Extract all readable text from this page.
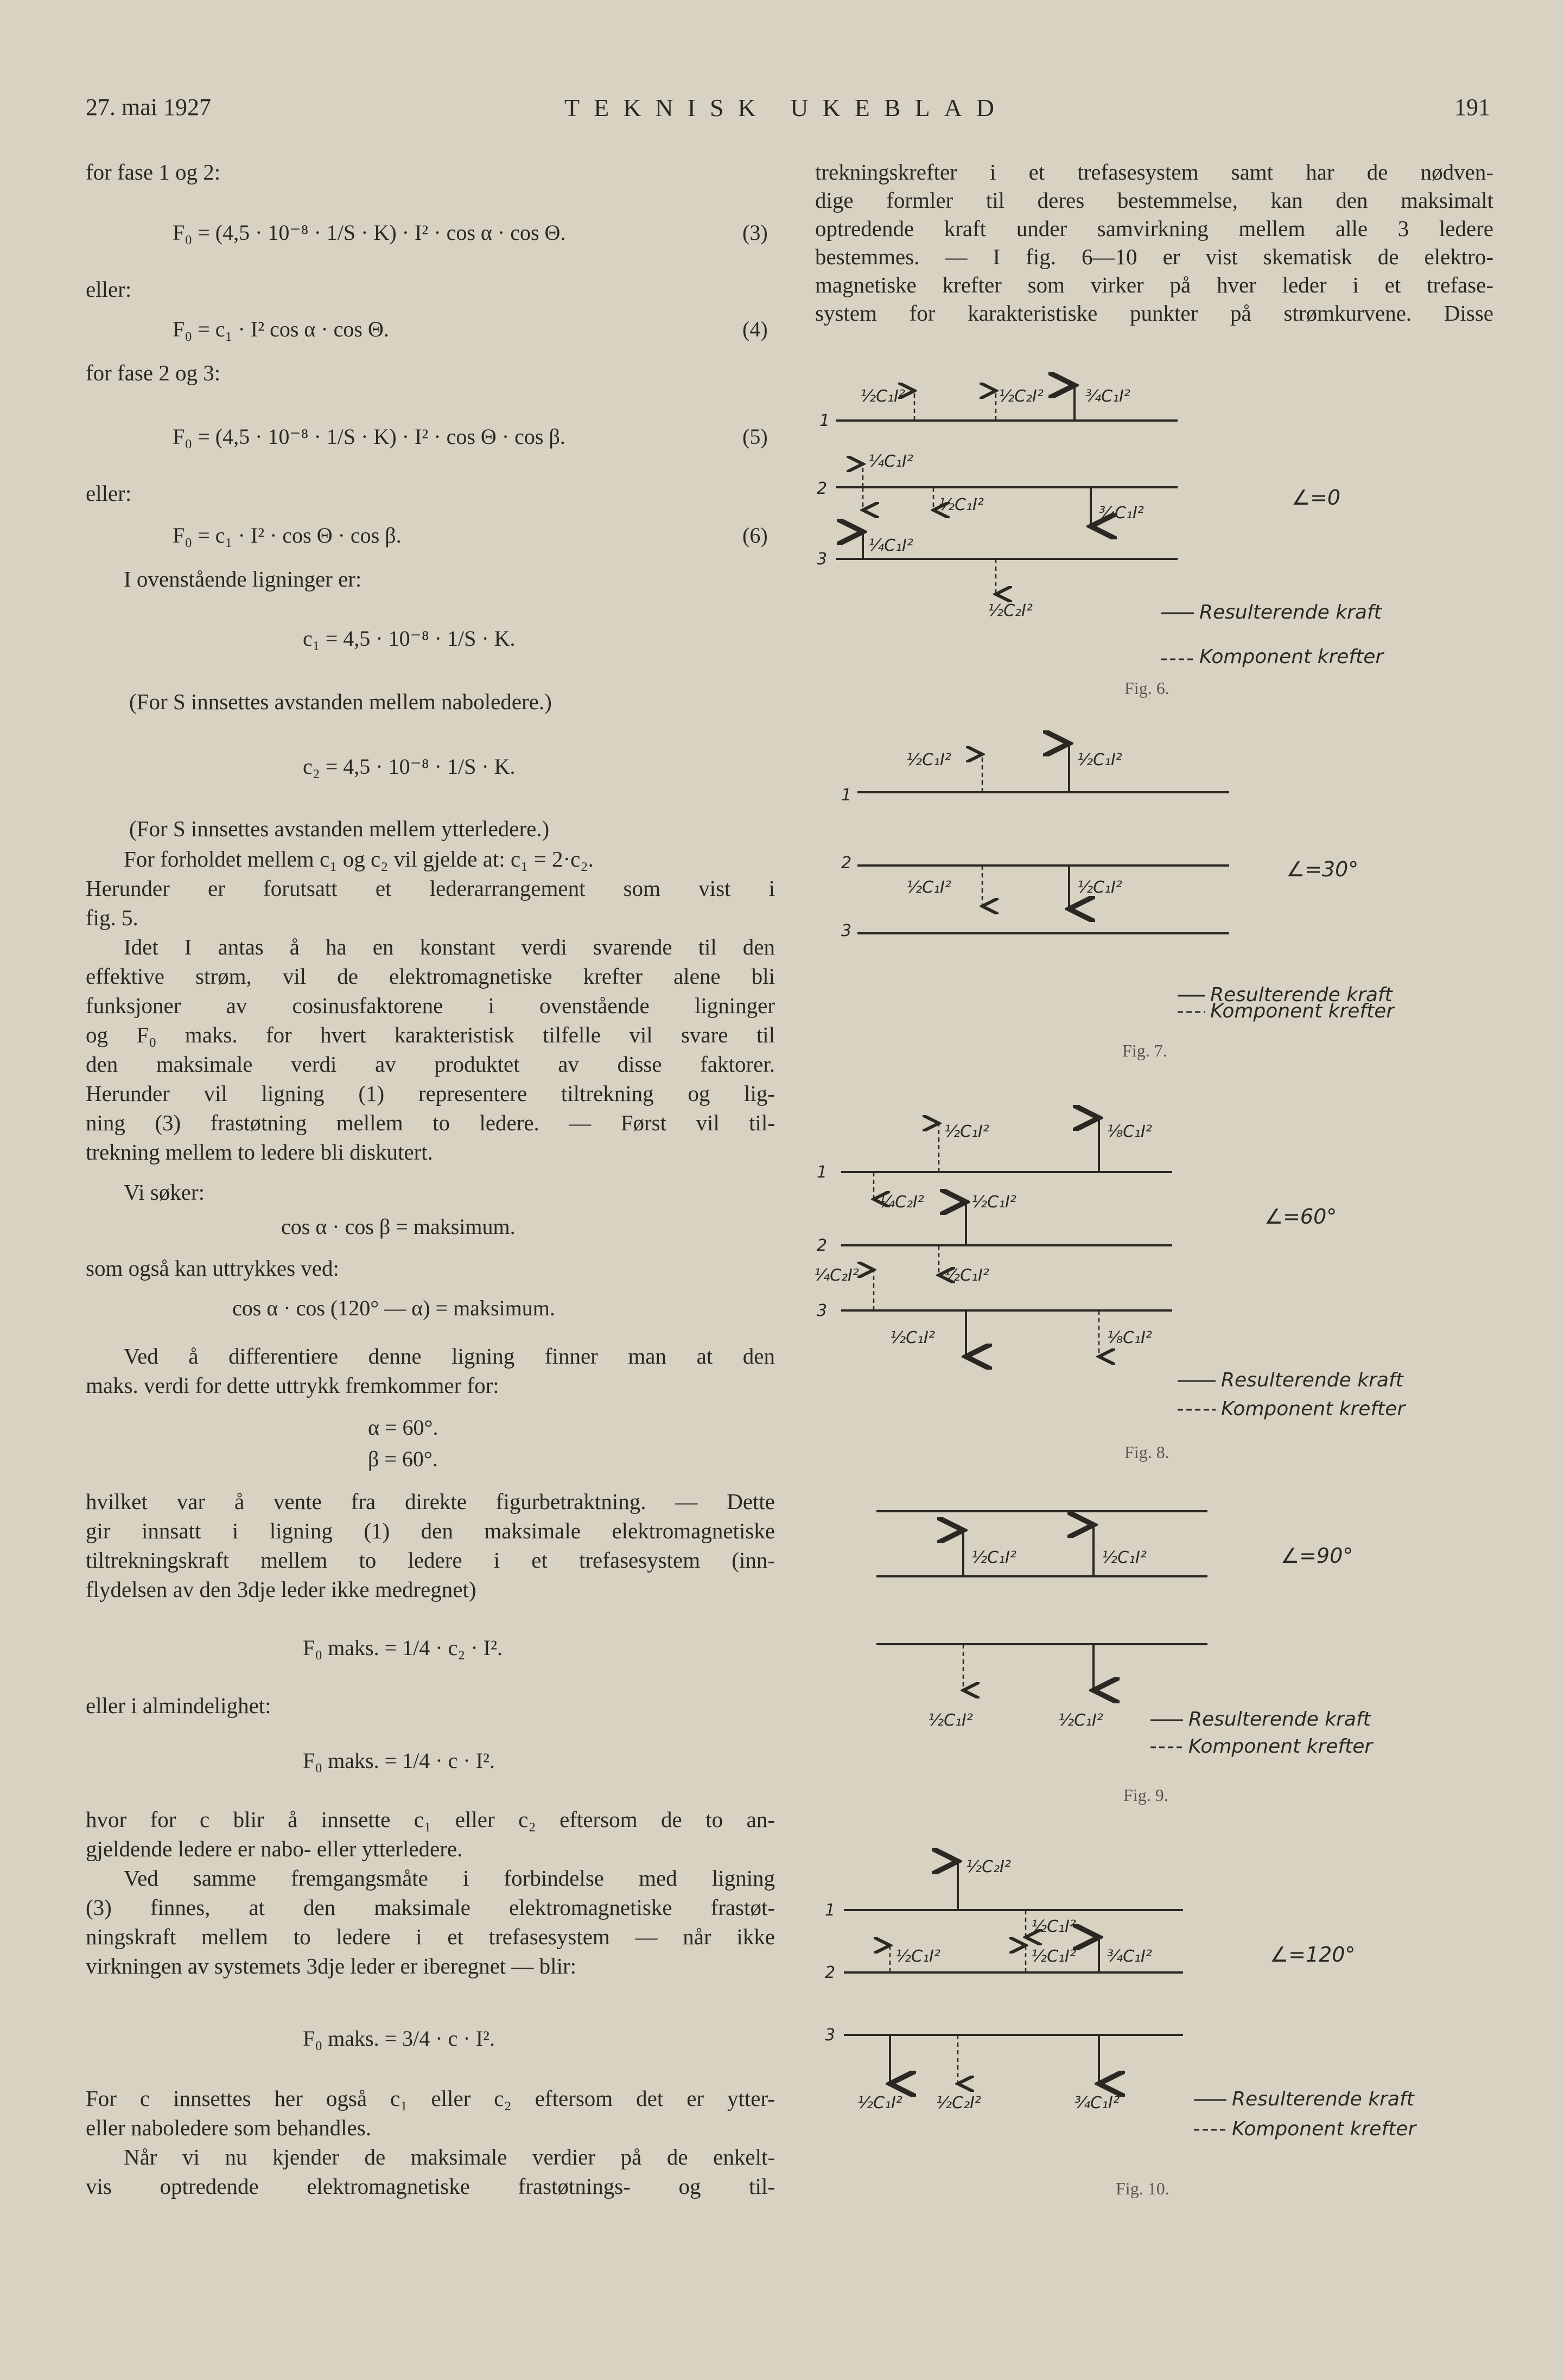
27. mai 1927	TEKNISK UKEBLAD	191
for fase 1 og 2:
F₀ = (4,5 · 10⁻⁸ · 1/S · K) · I² · cos α · cos Θ.	(3)
eller:
F₀ = c₁ · I² cos α · cos Θ.	(4)
for fase 2 og 3:
F₀ = (4,5 · 10⁻⁸ · 1/S · K) · I² · cos Θ · cos β.	(5)
eller:
F₀ = c₁ · I² · cos Θ · cos β.	(6)
I ovenstående ligninger er:
c₁ = 4,5 · 10⁻⁸ · 1/S · K.
(For S innsettes avstanden mellem naboledere.)
c₂ = 4,5 · 10⁻⁸ · 1/S · K.
(For S innsettes avstanden mellem ytterledere.)
For forholdet mellem c₁ og c₂ vil gjelde at: c₁ = 2·c₂.
Herunder er forutsatt et lederarrangement som vist i
fig. 5.
Idet I antas å ha en konstant verdi svarende til den
effektive strøm, vil de elektromagnetiske krefter alene bli
funksjoner av cosinusfaktorene i ovenstående ligninger
og F₀ maks. for hvert karakteristisk tilfelle vil svare til
den maksimale verdi av produktet av disse faktorer.
Herunder vil ligning (1) representere tiltrekning og lig-
ning (3) frastøtning mellem to ledere. — Først vil til-
trekning mellem to ledere bli diskutert.
Vi søker:
cos α · cos β = maksimum.
som også kan uttrykkes ved:
cos α · cos (120° — α) = maksimum.
Ved å differentiere denne ligning finner man at den
maks. verdi for dette uttrykk fremkommer for:
α = 60°.
β = 60°.
hvilket var å vente fra direkte figurbetraktning. — Dette
gir innsatt i ligning (1) den maksimale elektromagnetiske
tiltrekningskraft mellem to ledere i et trefasesystem (inn-
flydelsen av den 3dje leder ikke medregnet)
F₀ maks. = 1/4 · c₂ · I².
eller i almindelighet:
F₀ maks. = 1/4 · c · I².
hvor for c blir å innsette c₁ eller c₂ eftersom de to an-
gjeldende ledere er nabo- eller ytterledere.
Ved samme fremgangsmåte i forbindelse med ligning
(3) finnes, at den maksimale elektromagnetiske frastøt-
ningskraft mellem to ledere i et trefasesystem — når ikke
virkningen av systemets 3dje leder er iberegnet — blir:
F₀ maks. = 3/4 · c · I².
For c innsettes her også c₁ eller c₂ eftersom det er ytter-
eller naboledere som behandles.
Når vi nu kjender de maksimale verdier på de enkelt-
vis optredende elektromagnetiske frastøtnings- og til-
trekningskrefter i et trefasesystem samt har de nødven-
dige formler til deres bestemmelse, kan den maksimalt
optredende kraft under samvirkning mellem alle 3 ledere
bestemmes. — I fig. 6—10 er vist skematisk de elektro-
magnetiske krefter som virker på hver leder i et trefase-
system for karakteristiske punkter på strømkurvene. Disse
1
2
3
½C₁I²	½C₂I²	¾C₁I²
¼C₁I²
½C₁I²	¾C₁I²
¼C₁I²
½C₂I²
∠=0
Resulterende kraft
Komponent krefter
1
2
3
½C₁I²	½C₁I²
½C₁I²	½C₁I²
∠=30°
Resulterende kraft
Komponent krefter
1
2
3
½C₁I²	⅛C₁I²
¼C₂I²	½C₁I²
¼C₂I²	½C₁I²
½C₁I²	⅛C₁I²
∠=60°
Resulterende kraft
Komponent krefter
½C₁I²	½C₁I²
½C₁I²	½C₁I²
∠=90°
Resulterende kraft
Komponent krefter
1
2
3
½C₂I²
½C₁I²
½C₁I²	½C₁I² ¾C₁I²
½C₁I² ½C₂I²	¾C₁I²
∠=120°
Resulterende kraft
Komponent krefter
Fig. 6.
Fig. 7.
Fig. 8.
Fig. 9.
Fig. 10.
